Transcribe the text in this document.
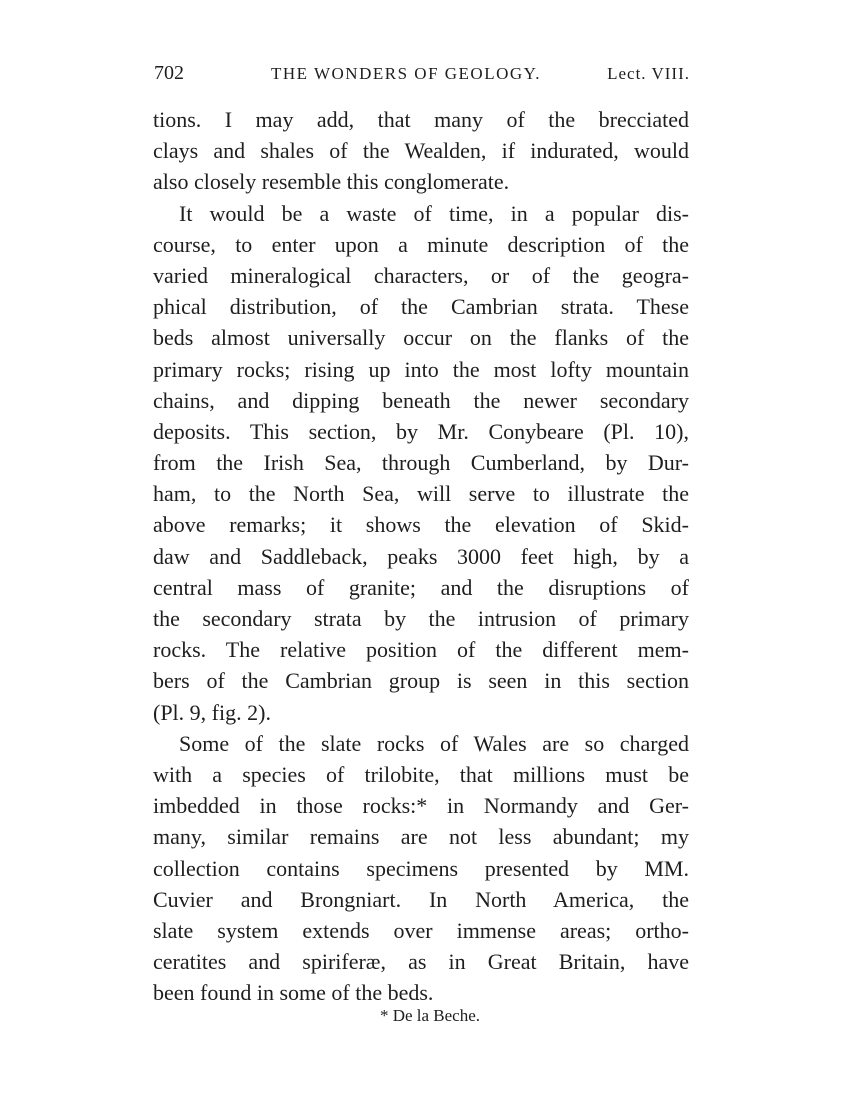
702	THE WONDERS OF GEOLOGY.	Lect. VIII.
tions. I may add, that many of the brecciated
clays and shales of the Wealden, if indurated, would
also closely resemble this conglomerate.
It would be a waste of time, in a popular dis-
course, to enter upon a minute description of the
varied mineralogical characters, or of the geogra-
phical distribution, of the Cambrian strata. These
beds almost universally occur on the flanks of the
primary rocks; rising up into the most lofty mountain
chains, and dipping beneath the newer secondary
deposits. This section, by Mr. Conybeare (Pl. 10),
from the Irish Sea, through Cumberland, by Dur-
ham, to the North Sea, will serve to illustrate the
above remarks; it shows the elevation of Skid-
daw and Saddleback, peaks 3000 feet high, by a
central mass of granite; and the disruptions of
the secondary strata by the intrusion of primary
rocks. The relative position of the different mem-
bers of the Cambrian group is seen in this section
(Pl. 9, fig. 2).
Some of the slate rocks of Wales are so charged
with a species of trilobite, that millions must be
imbedded in those rocks:* in Normandy and Ger-
many, similar remains are not less abundant; my
collection contains specimens presented by MM.
Cuvier and Brongniart. In North America, the
slate system extends over immense areas; ortho-
ceratites and spiriferæ, as in Great Britain, have
been found in some of the beds.
* De la Beche.
